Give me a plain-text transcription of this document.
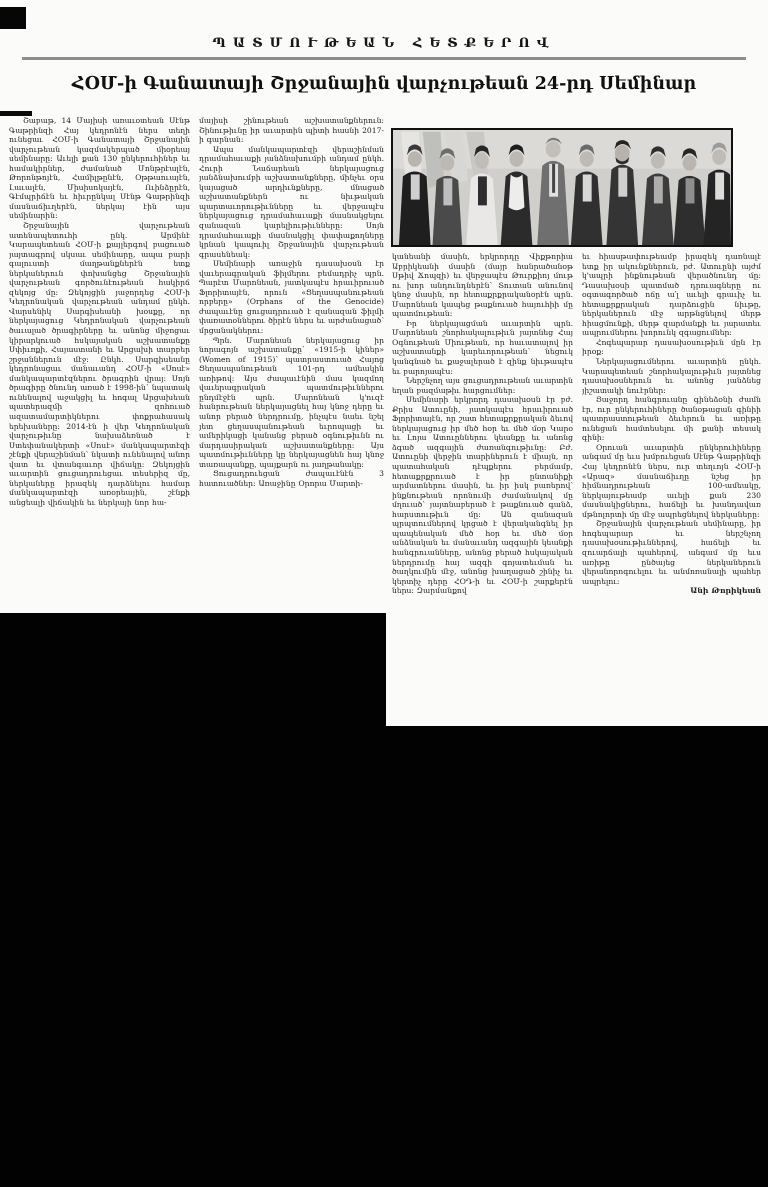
ՊԱՏՄՈՒԹԵԱՆ ՀԵՏՔԵՐՈՎ
ՀՕՄ-ի Գանատայի Շրջանային վարչութեան 24-րդ Սեմինար

Շաբաթ, 14 Մայիսի առաւօտեան Սէնթ Գաթրինզի Հայ կեդրոնէն ներս տեղի ունեցաւ ՀՕՄ-ի Գանատայի Շրջանային վարչութեան կազմակերպած միօրեայ սեմինարը։ Աւելի քան 130 ընկերուհիներ եւ համակիրներ, ժամանած Մոնթրէալէն, Թորոնթոյէն, Համիլթընէն, Օթթաուայէն, Լաւալէն, Միսիսոկայէն, Ուինձըրէն, Գէմպրիճէն եւ հիւրընկալ Սէնթ Գաթրինզի մասնաճիւղերէն, ներկայ էին այս սեմինարին։

Շրջանային վարչութեան ատենապետուհի ընկ. Արմինէ Կարապետեան ՀՕՄ-ի քայլերգով բացուած յայտագրով սկսաւ սեմինարը, ապա բարի գալուստի մաղթանքներէն ետք ներկաներուն փոխանցեց Շրջանային վարչութեան գործունէութեան հակիրճ զեկոյց մը։ Զեկոյցին յաջորդեց ՀՕՄ-ի Կեդրոնական վարչութեան անդամ ընկհ. Վարսենիկ Սարգիսեանի խօսքը, որ ներկայացուց Կեդրոնական վարչութեան ծաւալած ծրագիրները եւ անոնց միջոցաւ կիրարկուած հսկայական աշխատանքը Սփիւռքի, Հայաստանի եւ Արցախի տարբեր շրջաններուն մէջ։ Ընկհ. Սարգիսեանը կեդրոնացաւ մանաւանդ ՀՕՄ-ի «Սոսէ» մանկապարտէզներու ծրագրին վրայ։ Սոյն ծրագիրը ծնունդ առած է 1998-ին՝ նպատակ ունենալով աջակցիլ եւ հոգալ Արցախեան պատերազմի զոհուած ազատամարտիկներու փոքրահասակ երեխաները։ 2014-էն ի վեր Կեդրոնական վարչութիւնը նախաձեռնած է Ստեփանակերտի «Սոսէ» մանկապարտէզի շէնքի վերաշինման՝ նկատի ունենալով անոր վատ եւ վտանգաւոր վիճակը։ Զեկոյցին աւարտին ցուցադրուեցաւ տեսերիզ մը, ներկաները իրազեկ դարձնելու համար մանկապարտէզի առօրեային, շէնքի անցեալի վիճակին եւ ներկայի նոր հա-

մայիսի շինութեան աշխատանքներուն։ Շինութիւնը իր աւարտին պիտի հասնի 2017-ի գարնան։

Ապա մանկապարտէզի վերաշինման դրամահաւաքի յանձնախումբի անդամ ընկհ. Հուրի Նաճարեան ներկայացուց յանձնախումբի աշխատանքները, մինչեւ օրս կայացած արդիւնքները, մնացած աշխատանքներն ու նիւթական պարտաւորութիւնները եւ վերջապէս ներկայացուց դրամահաւաքի մասնակցելու զանազան կարելիութիւնները։ Սոյն դրամահաւաքի մասնակցիլ փափաքողները կրնան կապուիլ Շրջանային վարչութեան գրասենեակ։

Սեմինարի առաջին դասախօսն էր վաւերագրական ֆիլմերու բեմադրիչ պրն. Պարէտ Մարոնեան, յատկապէս հրաւիրուած Ֆլորիտայէն, որուն «Ցեղասպանութեան որբերը» (Orphans of the Genocide) ժապաւէնը ցուցադրուած է զանազան ֆիլմի փառատօններու ծիրէն ներս եւ արժանացած՝ մրցանակներու։

Պրն. Մարոնեան ներկայացուց իր նորագոյն աշխատանքը՝ «1915-ի կիներ» (Women of 1915)՝ պատրաստուած Հայոց Ցեղասպանութեան 101-րդ ամեակին առիթով։ Այս ժապաւէնին մաս կազմող վաւերագրական պատմութիւններու ընդմէջէն պրն. Մարոնեան կ'ուզէ հանրութեան ներկայացնել հայ կնոջ դերը եւ անոր բերած ներդրումը, ինչպէս նաեւ նշել յետ ցեղասպանութեան եւրոպացի եւ ամերիկացի կանանց բերած օգնութիւնն ու մարդասիրական աշխատանքները։ Այս պատմութիւնները կը ներկայացնեն հայ կնոջ տառապանքը, պայքարն ու յաղթանակը։

Ցուցադրուեցան ժապաւէնէն 3 հատուածներ։ Առաջինը Օրորա Մարտի-

կանեանի մասին, երկրորդը Վիքթորիա Աբրիկեանի մասին (մայր հանրածանօթ Սթիվ Ճոպզի) եւ վերջապէս Թուրքիոյ մութ ու խոր անդունդներէն՝ Տուտան անունով կնոջ մասին, որ հետաքրքրականօրէն պրն. Մարոնեան կապեց թաքնուած հայուհիի մը պատմութեան։

Իր ներկայացման աւարտին պրն. Մարոնեան շնորհակալութիւն յայտնեց Հայ Օգնութեան Միութեան, որ հաւատալով իր աշխատանքի կարեւորութեան՝ նեցուկ կանգնած եւ քաջալերած է զինք նիւթապէս եւ բարոյապէս։

Ներշնչող այս ցուցադրութեան աւարտին եղան բազմաթիւ հարցումներ։

Սեմինարի երկրորդ դասախօսն էր բժ. Քրիս Ատուընի, յատկապէս հրաւիրուած Ֆլորիտայէն, որ շատ հետաքրքրական ձեւով ներկայացուց իր մեծ հօր եւ մեծ մօր Կարօ եւ Լոյա Ատուըններու կեանքը եւ անոնց ձգած ազգային ժառանգութիւնը։ Բժ. Ատուընի վերջին տարիներուն է միայն, որ պատահական դէպքերու բերմամբ, հետաքրքրուած է իր ընտանիքի արմատներու մասին, եւ իր իսկ բառերով՝ ինքնութեան որոնումի ժամանակով մը մղուած՝ յայտնաբերած է թաքնուած գանձ, հարստութիւն մը։ Ան զանազան պրպտումներով կրցած է վերականգնել իր պապենական մեծ հօր եւ մեծ մօր անձնական եւ մանաւանդ ազգային կեանքի հանգրուանները, անոնց բերած հսկայական ներդրումը հայ ազգի գոյատեւման եւ ծաղկումին մէջ, անոնց խաղացած շինիչ եւ կերտիչ դերը ՀՕԴ-ի եւ ՀՕՄ-ի շարքերէն ներս։ Զարմանքով

եւ հիասթափութեամբ իրազեկ դառնալէ ետք իր ակունքներուն, բժ. Ատուընի այժմ կ'ապրի ինքնութեան վերածնունդ մը։ Դասախօսի պատմած դրուագները ու օգտագործած ոճը ա՛լ աւելի գրաւիչ եւ հետաքրքրական դարձուցին նիւթը, ներկաներուն մէջ արթնցնելով մերթ հիացմունքի, մերթ զարմանքի եւ յարատեւ ապրումներու խորունկ զգացումներ։

Հոգեպարար դասախօսութիւն մըն էր իրօք։

Ներկայացումներու աւարտին ընկհ. Կարապետեան շնորհակալութիւն յայտնեց դասախօսներուն եւ անոնց յանձնեց յիշատակի նուէրներ։

Յաջորդ հանգրուանը գինեձօնի ժամն էր, ուր ընկերուհիները ծանօթացան գինիի պատրաստութեան ձեւերուն եւ առիթը ունեցան համտեսելու մի քանի տեսակ գինի։

Օրուան աւարտին ընկերուհիները անգամ մը եւս խմբուեցան Սէնթ Գաթրինզի Հայ կեդրոնէն ներս, ուր տեղւոյն ՀՕՄ-ի «Արազ» մասնաճիւղը նշեց իր հիմնադրութեան 100-ամեակը, ներկայութեամբ աւելի քան 230 մասնակիցներու, հաճելի եւ խանդավառ մթնոլորտի մը մէջ ապրեցնելով ներկաները։

Շրջանային վարչութեան սեմինարը, իր հոգեպարար եւ ներշնչող դասախօսութիւններով, հաճելի եւ զուարճալի պահերով, անգամ մը եւս առիթը ընծայեց ներկաներուն վերանորոգուելու եւ անմոռանալի պահեր ապրելու։

Անի Թորիկեան
